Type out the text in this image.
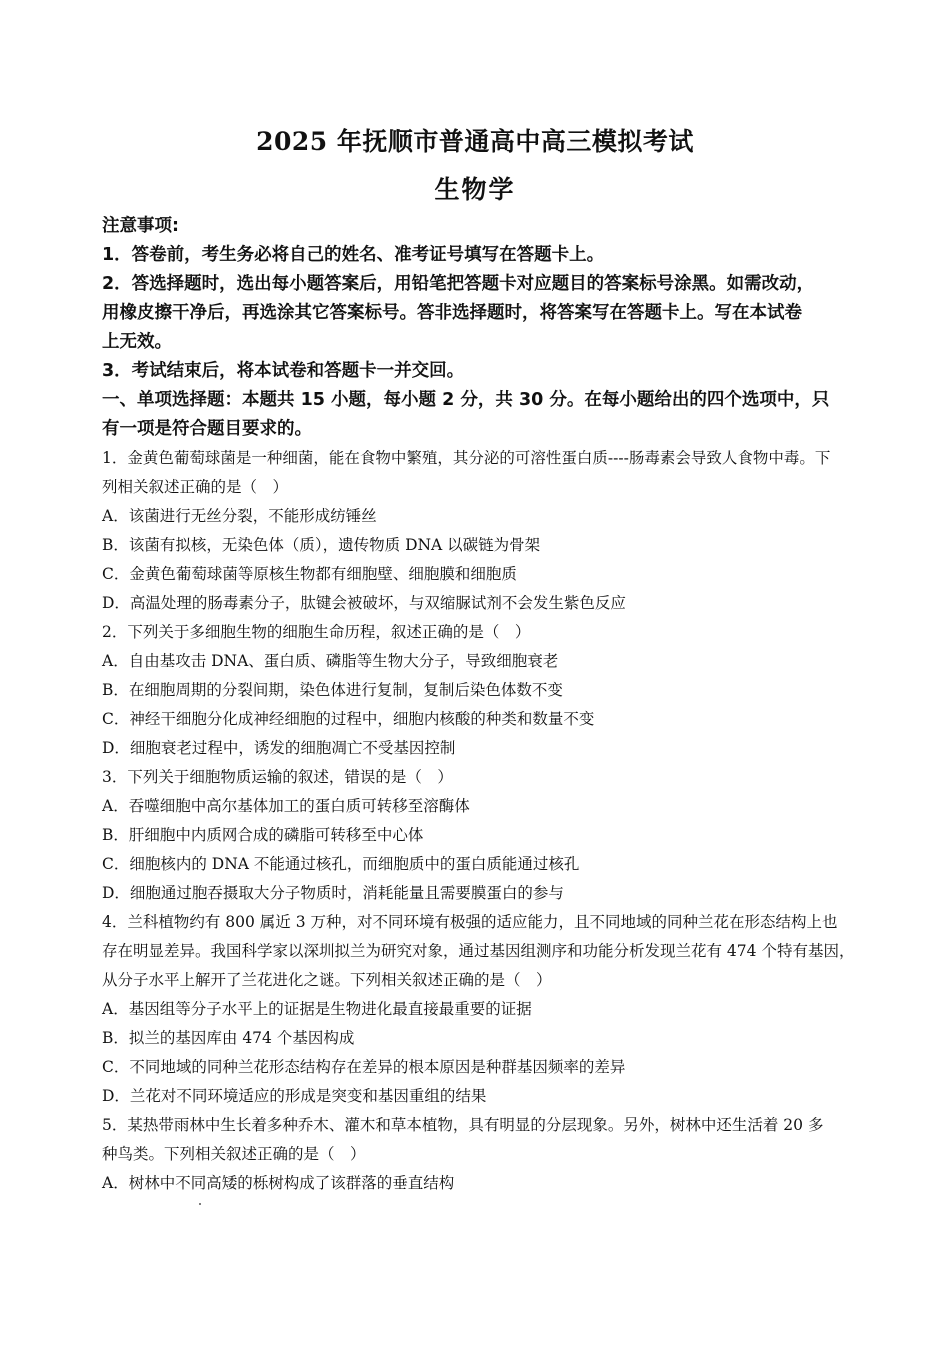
2025 年抚顺市普通高中高三模拟考试
生物学

注意事项:

1．答卷前，考生务必将自己的姓名、准考证号填写在答题卡上。

2．答选择题时，选出每小题答案后，用铅笔把答题卡对应题目的答案标号涂黑。如需改动，

用橡皮擦干净后，再选涂其它答案标号。答非选择题时，将答案写在答题卡上。写在本试卷

上无效。

3．考试结束后，将本试卷和答题卡一并交回。

一、单项选择题：本题共 15 小题，每小题 2 分，共 30 分。在每小题给出的四个选项中，只

有一项是符合题目要求的。

1．金黄色葡萄球菌是一种细菌，能在食物中繁殖，其分泌的可溶性蛋白质----肠毒素会导致人食物中毒。下

列相关叙述正确的是（　）

A．该菌进行无丝分裂，不能形成纺锤丝

B．该菌有拟核，无染色体（质），遗传物质 DNA 以碳链为骨架

C．金黄色葡萄球菌等原核生物都有细胞壁、细胞膜和细胞质

D．高温处理的肠毒素分子，肽键会被破坏，与双缩脲试剂不会发生紫色反应

2．下列关于多细胞生物的细胞生命历程，叙述正确的是（　）

A．自由基攻击 DNA、蛋白质、磷脂等生物大分子，导致细胞衰老

B．在细胞周期的分裂间期，染色体进行复制，复制后染色体数不变

C．神经干细胞分化成神经细胞的过程中，细胞内核酸的种类和数量不变

D．细胞衰老过程中，诱发的细胞凋亡不受基因控制

3．下列关于细胞物质运输的叙述，错误的是（　）

A．吞噬细胞中高尔基体加工的蛋白质可转移至溶酶体

B．肝细胞中内质网合成的磷脂可转移至中心体

C．细胞核内的 DNA 不能通过核孔，而细胞质中的蛋白质能通过核孔

D．细胞通过胞吞摄取大分子物质时，消耗能量且需要膜蛋白的参与

4．兰科植物约有 800 属近 3 万种，对不同环境有极强的适应能力，且不同地域的同种兰花在形态结构上也

存在明显差异。我国科学家以深圳拟兰为研究对象，通过基因组测序和功能分析发现兰花有 474 个特有基因，

从分子水平上解开了兰花进化之谜。下列相关叙述正确的是（　）

A．基因组等分子水平上的证据是生物进化最直接最重要的证据

B．拟兰的基因库由 474 个基因构成

C．不同地域的同种兰花形态结构存在差异的根本原因是种群基因频率的差异

D．兰花对不同环境适应的形成是突变和基因重组的结果

5．某热带雨林中生长着多种乔木、灌木和草本植物，具有明显的分层现象。另外，树林中还生活着 20 多

种鸟类。下列相关叙述正确的是（　）

A．树林中不同高矮的栎树构成了该群落的垂直结构
